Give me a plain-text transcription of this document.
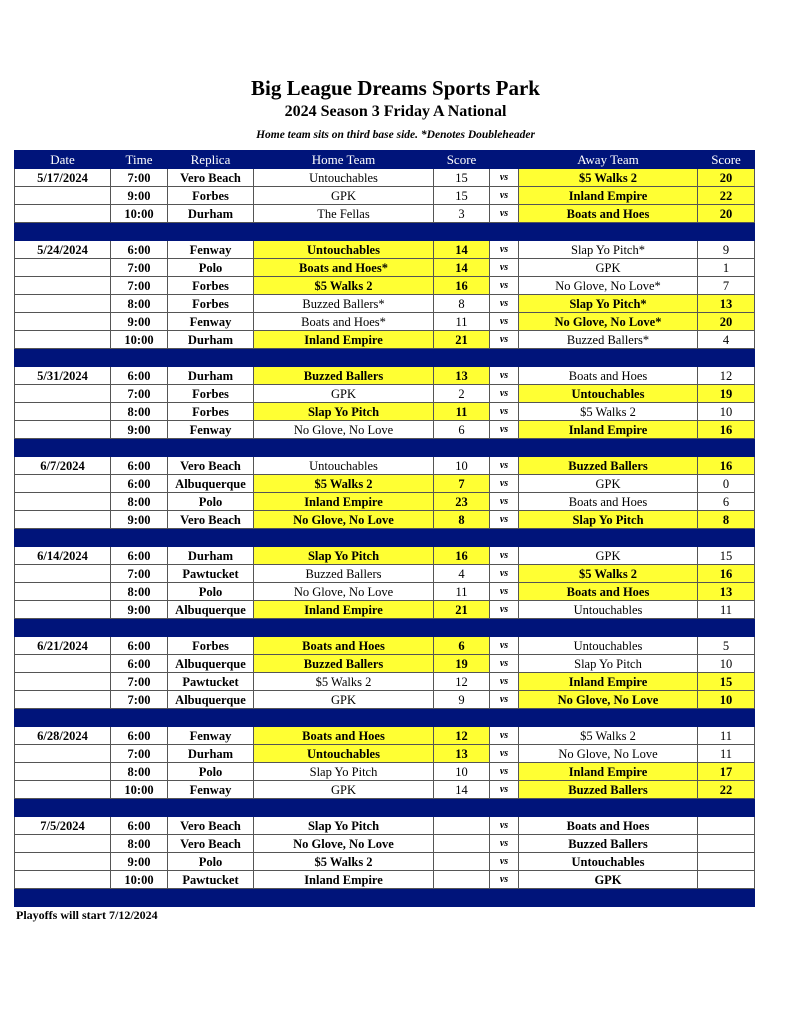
Big League Dreams Sports Park
2024 Season 3 Friday A National
Home team sits on third base side. *Denotes Doubleheader
Date	Time	Replica	Home Team	Score		Away Team	Score
5/17/2024	7:00	Vero Beach	Untouchables	15	vs	$5 Walks 2	20
	9:00	Forbes	GPK	15	vs	Inland Empire	22
	10:00	Durham	The Fellas	3	vs	Boats and Hoes	20

5/24/2024	6:00	Fenway	Untouchables	14	vs	Slap Yo Pitch*	9
	7:00	Polo	Boats and Hoes*	14	vs	GPK	1
	7:00	Forbes	$5 Walks 2	16	vs	No Glove, No Love*	7
	8:00	Forbes	Buzzed Ballers*	8	vs	Slap Yo Pitch*	13
	9:00	Fenway	Boats and Hoes*	11	vs	No Glove, No Love*	20
	10:00	Durham	Inland Empire	21	vs	Buzzed Ballers*	4

5/31/2024	6:00	Durham	Buzzed Ballers	13	vs	Boats and Hoes	12
	7:00	Forbes	GPK	2	vs	Untouchables	19
	8:00	Forbes	Slap Yo Pitch	11	vs	$5 Walks 2	10
	9:00	Fenway	No Glove, No Love	6	vs	Inland Empire	16

6/7/2024	6:00	Vero Beach	Untouchables	10	vs	Buzzed Ballers	16
	6:00	Albuquerque	$5 Walks 2	7	vs	GPK	0
	8:00	Polo	Inland Empire	23	vs	Boats and Hoes	6
	9:00	Vero Beach	No Glove, No Love	8	vs	Slap Yo Pitch	8

6/14/2024	6:00	Durham	Slap Yo Pitch	16	vs	GPK	15
	7:00	Pawtucket	Buzzed Ballers	4	vs	$5 Walks 2	16
	8:00	Polo	No Glove, No Love	11	vs	Boats and Hoes	13
	9:00	Albuquerque	Inland Empire	21	vs	Untouchables	11

6/21/2024	6:00	Forbes	Boats and Hoes	6	vs	Untouchables	5
	6:00	Albuquerque	Buzzed Ballers	19	vs	Slap Yo Pitch	10
	7:00	Pawtucket	$5 Walks 2	12	vs	Inland Empire	15
	7:00	Albuquerque	GPK	9	vs	No Glove, No Love	10

6/28/2024	6:00	Fenway	Boats and Hoes	12	vs	$5 Walks 2	11
	7:00	Durham	Untouchables	13	vs	No Glove, No Love	11
	8:00	Polo	Slap Yo Pitch	10	vs	Inland Empire	17
	10:00	Fenway	GPK	14	vs	Buzzed Ballers	22

7/5/2024	6:00	Vero Beach	Slap Yo Pitch		vs	Boats and Hoes	
	8:00	Vero Beach	No Glove, No Love		vs	Buzzed Ballers	
	9:00	Polo	$5 Walks 2		vs	Untouchables	
	10:00	Pawtucket	Inland Empire		vs	GPK	

Playoffs will start 7/12/2024
